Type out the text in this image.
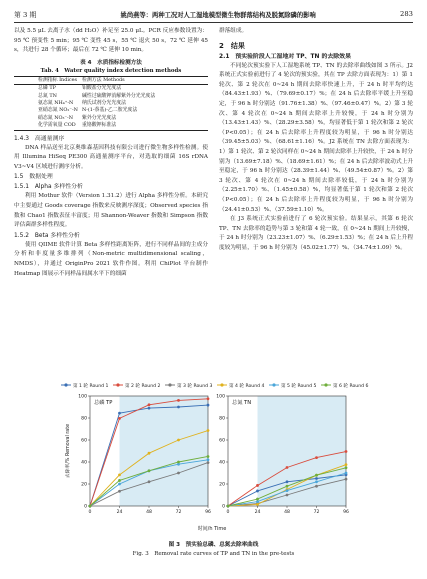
第 3 期	姚尚燕等：两种工况对人工湿地模型微生物群落结构及脱氮除磷的影响	283

以及 5.5 μL 去离子水（dd H₂O）补足至 25.0 μL。PCR 反应参数设置为：95 ℃ 预变性 5 min；95 ℃ 变性 45 s，55 ℃ 退火 50 s，72 ℃ 延伸 45 s，共进行 28 个循环；最后在 72 ℃ 延伸 10 min。

表 4　水质指标检测方法
Tab. 4　Water quality index detection methods
检测指标 Indices	检测方法 Methods
总磷 TP	钼酸盐分光光度法
总氮 TN	碱性过硫酸钾消解紫外分光光度法
氨态氮 NH₄⁺-N	纳氏试剂分光光度法
亚硝态氮 NO₂⁻-N	N-(1-萘基)-乙二胺光度法
硝态氮 NO₃⁻-N	紫外分光光度法
化学需氧量 COD	重铬酸钾标准法
1.4.3　高通量测序

DNA 样品送至北京奥维森基因科技有限公司进行微生物多样性检测。使用 Illumina HiSeq PE300 高通量测序平台，对选取的细菌 16S rDNA V3~V4 区域进行测序分析。

1.5　数据处理
1.5.1　Alpha 多样性分析

利用 Mothur 软件（Version 1.31.2）进行 Alpha 多样性分析。本研究中主要通过 Goods coverage 指数来反映测序深度；Observed species 指数和 Chao1 指数表征丰富度；用 Shannon-Weaver 指数和 Simpson 指数评估菌群多样性程度。

1.5.2　Beta 多样性分析

使用 QIIME 软件计算 Beta 多样性距离矩阵，进行不同样品间的主成分分析和非度量多维排列（Non-metric multidimensional scaling，NMDS），并通过 OriginPro 2021 软件作图。利用 ChiPlot 平台制作 Heatmap 图展示不同样品间属水平下的细菌

群落组成。

2　结果
2.1　预实验阶段人工湿地对 TP、TN 的去除效果

不同轮次预实验下人工湿地系统 TP、TN 的去除率曲线如图 3 所示。J2 系统正式实验前进行了 4 轮次的预实验，其在 TP 去除方面表现为：1）第 1 轮次、第 2 轮次在 0~24 h 期间去除率快速上升，于 24 h 时平均约达（84.43±1.93）%、（79.69±0.17）%；在 24 h 后去除率平缓上升至稳定，于 96 h 时分别达（91.76±1.38）%、（97.46±0.47）%。2）第 3 轮次、第 4 轮次在 0~24 h 期间去除率上升较慢，于 24 h 时分别为（13.43±1.43）%、（28.29±3.58）%，均显著低于第 1 轮次和第 2 轮次（P<0.05）；在 24 h 后去除率上升程度较为明显，于 96 h 时分别达（39.45±5.03）%、（68.61±1.16）%。J2 系统在 TN 去除方面表现为：1）第 1 轮次、第 2 轮次同样在 0~24 h 期间去除率上升较快，于 24 h 时分别为（13.69±7.18）%、（18.69±1.61）%；在 24 h 后去除率波动式上升至稳定，于 96 h 时分别达（28.39±1.44）%、（49.54±0.87）%。2）第 3 轮次、第 4 轮次在 0~24 h 期间去除率较低，于 24 h 时分别为（2.25±1.70）%、（1.45±0.58）%，均显著低于第 1 轮次和第 2 轮次（P<0.05）；在 24 h 后去除率上升程度较为明显，于 96 h 时分别为（24.41±0.53）%、（37.59±1.10）%。

在 J3 系统正式实验前进行了 6 轮次预实验。结果显示，其第 6 轮次 TP、TN 去除率的趋势与第 3 轮和第 4 轮一致，在 0~24 h 期间上升较慢，于 24 h 时分别为（23.23±1.07）%、（6.29±1.53）%；在 24 h 后上升程度较为明显，于 96 h 时分别为（45.02±1.77）%、（34.74±1.09）%。

第 1 轮 Round 1	第 2 轮 Round 2	第 3 轮 Round 3	第 4 轮 Round 4	第 5 轮 Round 5	第 6 轮 Round 6
0
20
40
60
80
100
0	24	48	72	96
总磷 TP
0
20
40
60
80
100
0	24	48	72	96
总氮 TN
去除率/% Removal rate
时间/h Time
图 3　预实验总磷、总氮去除率曲线
Fig. 3　Removal rate curves of TP and TN in the pre-tests
